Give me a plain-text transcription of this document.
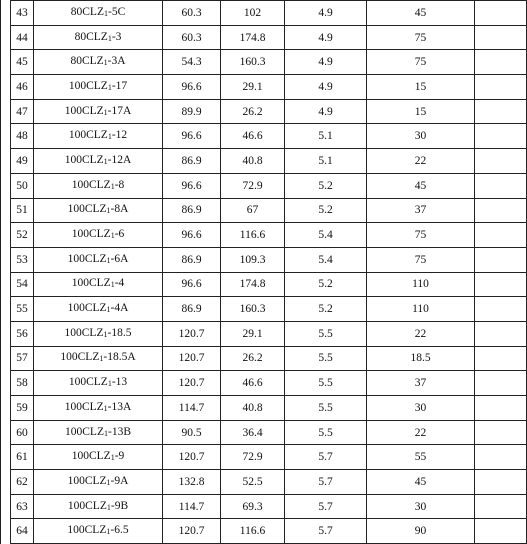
43	$80CLZ_1-5C$	60.3	102	4.9	45	
44	$80CLZ_1-3$	60.3	174.8	4.9	75	
45	$80CLZ_1-3A$	54.3	160.3	4.9	75	
46	$100CLZ_1-17$	96.6	29.1	4.9	15	
47	$100CLZ_1-17A$	89.9	26.2	4.9	15	
48	$100CLZ_1-12$	96.6	46.6	5.1	30	
49	$100CLZ_1-12A$	86.9	40.8	5.1	22	
50	$100CLZ_1-8$	96.6	72.9	5.2	45	
51	$100CLZ_1-8A$	86.9	67	5.2	37	
52	$100CLZ_1-6$	96.6	116.6	5.4	75	
53	$100CLZ_1-6A$	86.9	109.3	5.4	75	
54	$100CLZ_1-4$	96.6	174.8	5.2	110	
55	$100CLZ_1-4A$	86.9	160.3	5.2	110	
56	$100CLZ_1-18.5$	120.7	29.1	5.5	22	
57	$100CLZ_1-18.5A$	120.7	26.2	5.5	18.5	
58	$100CLZ_1-13$	120.7	46.6	5.5	37	
59	$100CLZ_1-13A$	114.7	40.8	5.5	30	
60	$100CLZ_1-13B$	90.5	36.4	5.5	22	
61	$100CLZ_1-9$	120.7	72.9	5.7	55	
62	$100CLZ_1-9A$	132.8	52.5	5.7	45	
63	$100CLZ_1-9B$	114.7	69.3	5.7	30	
64	$100CLZ_1-6.5$	120.7	116.6	5.7	90	
